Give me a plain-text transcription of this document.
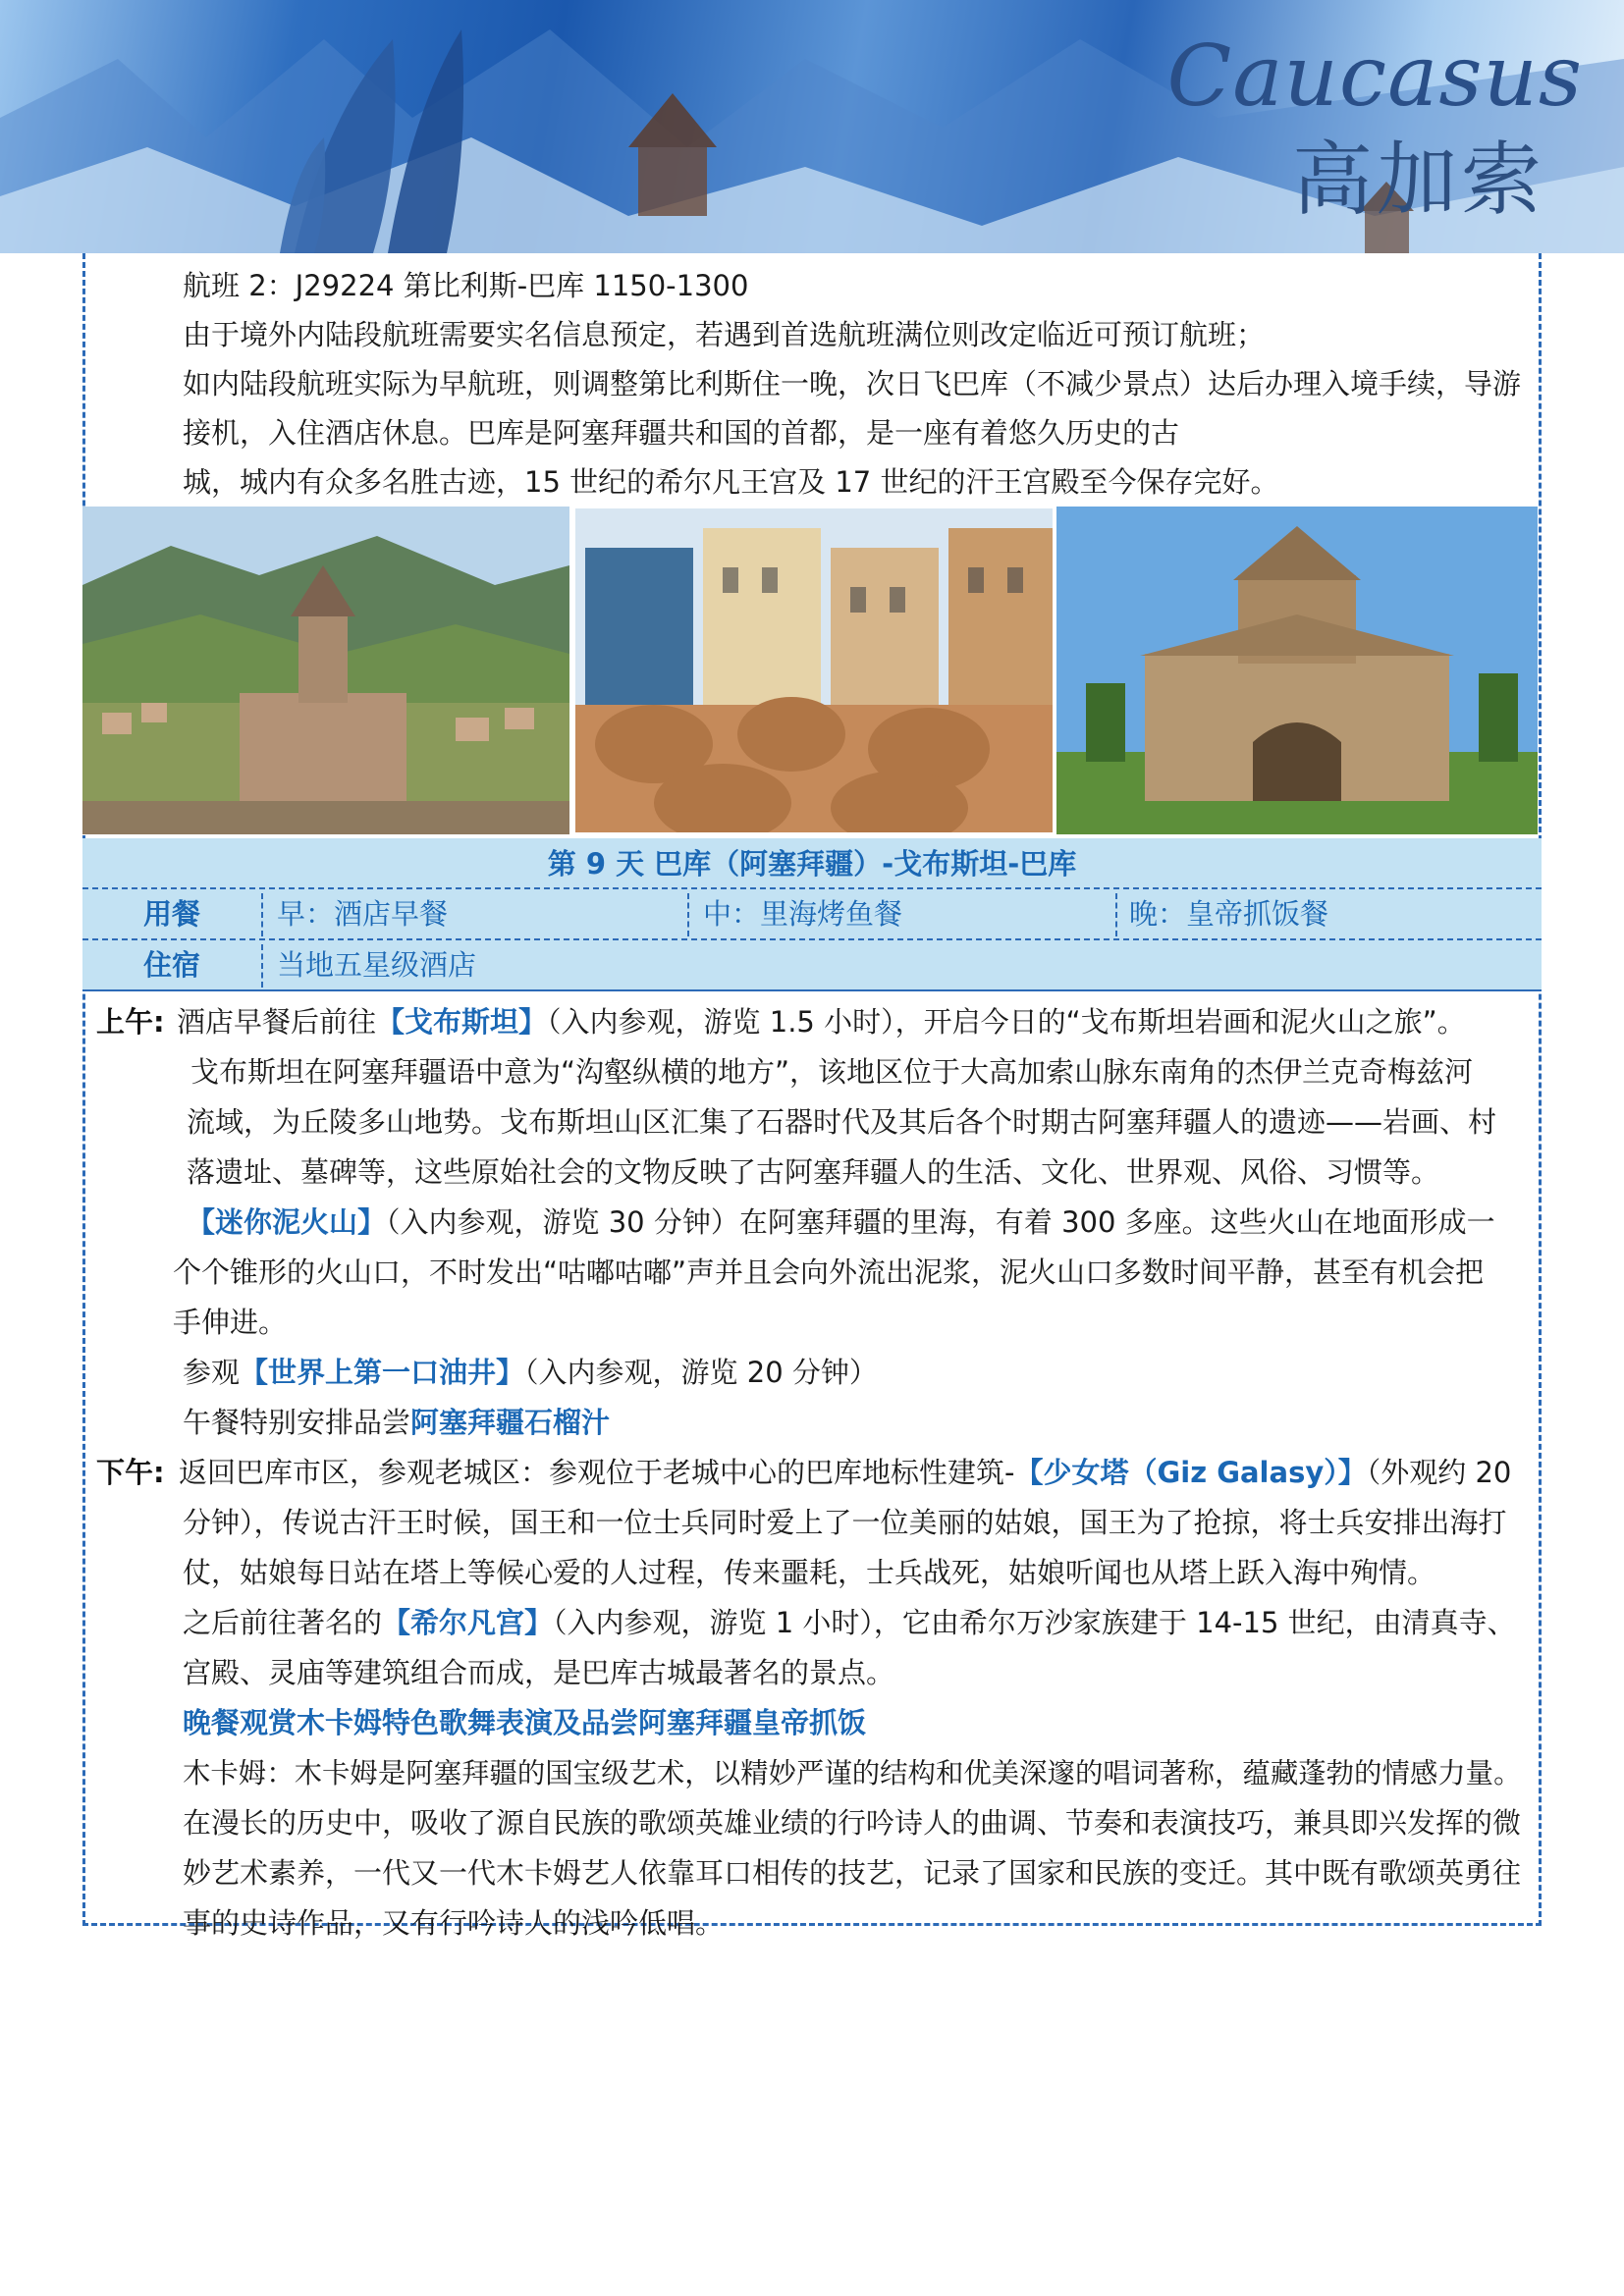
Caucasus
高加索
航班 2：J29224 第比利斯-巴库 1150-1300
由于境外内陆段航班需要实名信息预定，若遇到首选航班满位则改定临近可预订航班；
如内陆段航班实际为早航班，则调整第比利斯住一晚，次日飞巴库（不减少景点）达后办理入境手续，导游
接机，入住酒店休息。巴库是阿塞拜疆共和国的首都，是一座有着悠久历史的古
城，城内有众多名胜古迹，15 世纪的希尔凡王宫及 17 世纪的汗王宫殿至今保存完好。
第 9 天 巴库（阿塞拜疆）-戈布斯坦-巴库
用餐	早：酒店早餐	中：里海烤鱼餐	晚：皇帝抓饭餐
住宿	当地五星级酒店
上午: 酒店早餐后前往【戈布斯坦】（入内参观，游览 1.5 小时），开启今日的“戈布斯坦岩画和泥火山之旅”。
戈布斯坦在阿塞拜疆语中意为“沟壑纵横的地方”，该地区位于大高加索山脉东南角的杰伊兰克奇梅兹河
流域，为丘陵多山地势。戈布斯坦山区汇集了石器时代及其后各个时期古阿塞拜疆人的遗迹——岩画、村
落遗址、墓碑等，这些原始社会的文物反映了古阿塞拜疆人的生活、文化、世界观、风俗、习惯等。
【迷你泥火山】（入内参观，游览 30 分钟）在阿塞拜疆的里海，有着 300 多座。这些火山在地面形成一
个个锥形的火山口，不时发出“咕嘟咕嘟”声并且会向外流出泥浆，泥火山口多数时间平静，甚至有机会把
手伸进。
参观【世界上第一口油井】（入内参观，游览 20 分钟）
午餐特别安排品尝阿塞拜疆石榴汁
下午: 返回巴库市区，参观老城区：参观位于老城中心的巴库地标性建筑-【少女塔（Giz Galasy）】（外观约 20
分钟），传说古汗王时候，国王和一位士兵同时爱上了一位美丽的姑娘，国王为了抢掠，将士兵安排出海打
仗，姑娘每日站在塔上等候心爱的人过程，传来噩耗，士兵战死，姑娘听闻也从塔上跃入海中殉情。
之后前往著名的【希尔凡宫】（入内参观，游览 1 小时），它由希尔万沙家族建于 14-15 世纪，由清真寺、
宫殿、灵庙等建筑组合而成，是巴库古城最著名的景点。
晚餐观赏木卡姆特色歌舞表演及品尝阿塞拜疆皇帝抓饭
木卡姆：木卡姆是阿塞拜疆的国宝级艺术，以精妙严谨的结构和优美深邃的唱词著称，蕴藏蓬勃的情感力量。
在漫长的历史中，吸收了源自民族的歌颂英雄业绩的行吟诗人的曲调、节奏和表演技巧，兼具即兴发挥的微
妙艺术素养，一代又一代木卡姆艺人依靠耳口相传的技艺，记录了国家和民族的变迁。其中既有歌颂英勇往
事的史诗作品，又有行吟诗人的浅吟低唱。
